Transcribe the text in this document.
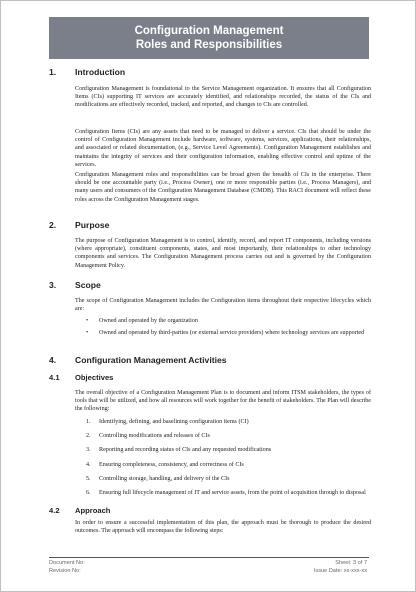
Configuration Management
Roles and Responsibilities
1. Introduction

Configuration Management is foundational to the Service Management organization. It ensures that all Configuration Items (CIs) supporting IT services are accurately identified, and relationships recorded, the status of the CIs and modifications are effectively recorded, tracked, and reported, and changes to CIs are controlled.

Configuration Items (CIs) are any assets that need to be managed to deliver a service. CIs that should be under the control of Configuration Management include hardware, software, systems, services, applications, their relationships, and associated or related documentation, (e.g., Service Level Agreements). Configuration Management establishes and maintains the integrity of services and their configuration information, enabling effective control and uptime of the services.

Configuration Management roles and responsibilities can be broad given the breadth of CIs in the enterprise. There should be one accountable party (i.e., Process Owner), one or more responsible parties (i.e., Process Managers), and many users and consumers of the Configuration Management Database (CMDB). This RACI document will reflect these roles across the Configuration Management stages.

2. Purpose

The purpose of Configuration Management is to control, identify, record, and report IT components, including versions (where appropriate), constituent components, states, and most importantly, their relationships to other technology components and services. The Configuration Management process carries out and is governed by the Configuration Management Policy.

3. Scope

The scope of Configuration Management includes the Configuration items throughout their respective lifecycles which are:

• Owned and operated by the organization
• Owned and operated by third-parties (or external service providers) where technology services are supported
4. Configuration Management Activities
4.1 Objectives

The overall objective of a Configuration Management Plan is to document and inform ITSM stakeholders, the types of tools that will be utilized, and how all resources will work together for the benefit of stakeholders. The Plan will describe the following:

1. Identifying, defining, and baselining configuration items (CI)
2. Controlling modifications and releases of CIs
3. Reporting and recording status of CIs and any requested modifications
4. Ensuring completeness, consistency, and correctness of CIs
5. Controlling storage, handling, and delivery of the CIs
6. Ensuring full lifecycle management of IT and service assets, from the point of acquisition through to disposal
4.2 Approach

In order to ensure a successful implementation of this plan, the approach must be thorough to produce the desired outcomes. The approach will encompass the following steps:

Document No:
Revision No:
Sheet: 3 of 7
Issue Date: xx-xxx-xx
